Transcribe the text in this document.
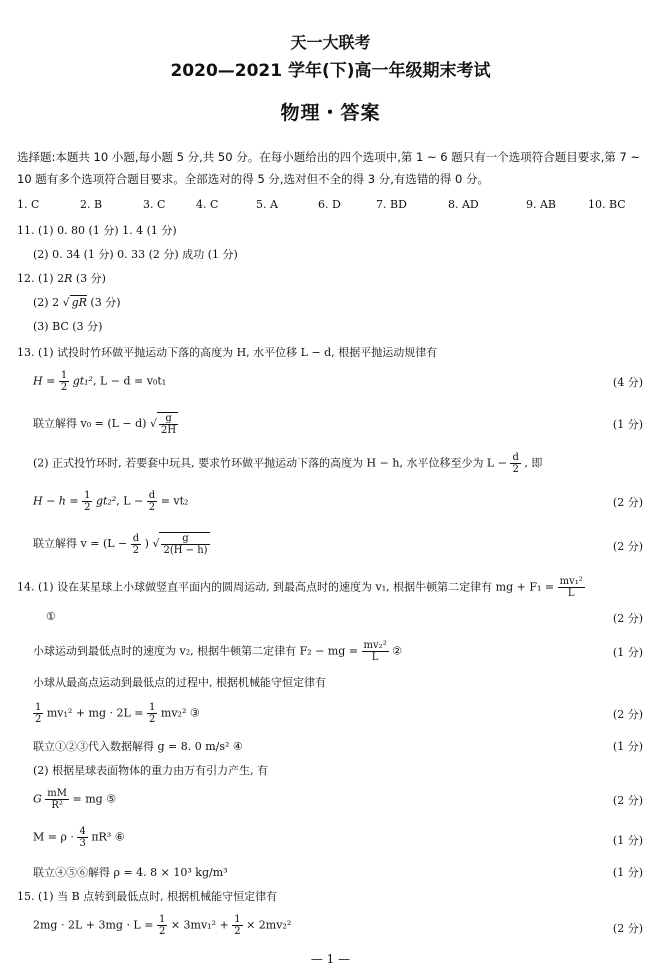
天一大联考
2020—2021 学年(下)高一年级期末考试
物理・答案
选择题:本题共 10 小题,每小题 5 分,共 50 分。在每小题给出的四个选项中,第 1 ~ 6 题只有一个选项符合题目要求,第 7 ~ 10 题有多个选项符合题目要求。全部选对的得 5 分,选对但不全的得 3 分,有选错的得 0 分。
1. C	2. B	3. C	4. C	5. A	6. D	7. BD	8. AD	9. AB	10. BC
11. (1) 0. 80 (1 分) 1. 4 (1 分)
(2) 0. 34 (1 分) 0. 33 (2 分) 成功 (1 分)
12. (1) 2R (3 分)
(2) 2 √ gR (3 分)
(3) BC (3 分)
13. (1) 试投时竹环做平抛运动下落的高度为 H, 水平位移 L − d, 根据平抛运动规律有
$H = \frac{1}{2} gt_1^2$, L − d = v₀t₁	(4 分)
联立解得 v₀ = (L − d) √ $\frac{g}{2H}$	(1 分)
(2) 正式投竹环时, 若要套中玩具, 要求竹环做平抛运动下落的高度为 H − h, 水平位移至少为 $L - \frac{d}{2}$ , 即
$H - h = \frac{1}{2} gt_2^2$, $L - \frac{d}{2} = vt_2$	(2 分)
联立解得 $v = (L - \frac{d}{2}$ ) √ $\frac{g}{2(H - h)}$	(2 分)
14. (1) 设在某星球上小球做竖直平面内的圆周运动, 到最高点时的速度为 v₁, 根据牛顿第二定律有 mg + $F_1 = \frac{\text{mv₁²}}{L}$
①	(2 分)
小球运动到最低点时的速度为 v₂, 根据牛顿第二定律有 F₂ − mg = $\frac{\text{mv₂²}}{L}$ ②	(1 分)
小球从最高点运动到最低点的过程中, 根据机械能守恒定律有
$\frac{1}{2} mv_1^2$ + mg · $2L = \frac{1}{2} mv_2^2$ ③	(2 分)
联立①②③代入数据解得 g = 8. 0 m/s² ④	(1 分)
(2) 根据星球表面物体的重力由万有引力产生, 有
G $\frac{mM}{\text{R²}}$ = mg ⑤	(2 分)
$M = \rho \cdot \frac{4}{3} \pi R^3$ ⑥	(1 分)
联立④⑤⑥解得 ρ = 4. 8 × 10³ kg/m³	(1 分)
15. (1) 当 B 点转到最低点时, 根据机械能守恒定律有
$2mg \cdot 2L + 3mg \cdot L = \frac{1}{2} \times 3mv_1^2 + \frac{1}{2} \times 2mv_2^2$	(2 分)
— 1 —
